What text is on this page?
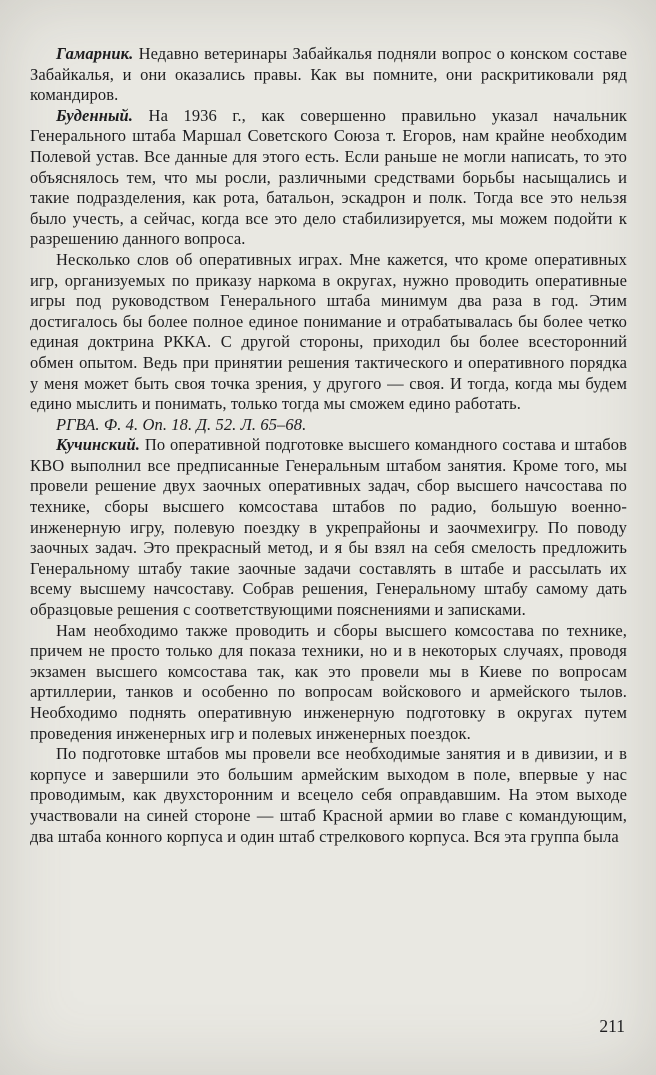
Гамарник. Недавно ветеринары Забайкалья подняли вопрос о конском составе Забайкалья, и они оказались правы. Как вы помните, они раскритиковали ряд командиров.

Буденный. На 1936 г., как совершенно правильно указал начальник Генерального штаба Маршал Советского Союза т. Егоров, нам крайне необходим Полевой устав. Все данные для этого есть. Если раньше не могли написать, то это объяснялось тем, что мы росли, различными средствами борьбы насыщались и такие подразделения, как рота, батальон, эскадрон и полк. Тогда все это нельзя было учесть, а сейчас, когда все это дело стабилизируется, мы можем подойти к разрешению данного вопроса.

Несколько слов об оперативных играх. Мне кажется, что кроме оперативных игр, организуемых по приказу наркома в округах, нужно проводить оперативные игры под руководством Генерального штаба минимум два раза в год. Этим достигалось бы более полное единое понимание и отрабатывалась бы более четко единая доктрина РККА. С другой стороны, приходил бы более всесторонний обмен опытом. Ведь при принятии решения тактического и оперативного порядка у меня может быть своя точка зрения, у другого — своя. И тогда, когда мы будем едино мыслить и понимать, только тогда мы сможем едино работать.

РГВА. Ф. 4. Оп. 18. Д. 52. Л. 65–68.

Кучинский. По оперативной подготовке высшего командного состава и штабов КВО выполнил все предписанные Генеральным штабом занятия. Кроме того, мы провели решение двух заочных оперативных задач, сбор высшего начсостава по технике, сборы высшего комсостава штабов по радио, большую военно-инженерную игру, полевую поездку в укрепрайоны и заочмехигру. По поводу заочных задач. Это прекрасный метод, и я бы взял на себя смелость предложить Генеральному штабу такие заочные задачи составлять в штабе и рассылать их всему высшему начсоставу. Собрав решения, Генеральному штабу самому дать образцовые решения с соответствующими пояснениями и записками.

Нам необходимо также проводить и сборы высшего комсостава по технике, причем не просто только для показа техники, но и в некоторых случаях, проводя экзамен высшего комсостава так, как это провели мы в Киеве по вопросам артиллерии, танков и особенно по вопросам войскового и армейского тылов. Необходимо поднять оперативную инженерную подготовку в округах путем проведения инженерных игр и полевых инженерных поездок.

По подготовке штабов мы провели все необходимые занятия и в дивизии, и в корпусе и завершили это большим армейским выходом в поле, впервые у нас проводимым, как двухсторонним и всецело себя оправдавшим. На этом выходе участвовали на синей стороне — штаб Красной армии во главе с командующим, два штаба конного корпуса и один штаб стрелкового корпуса. Вся эта группа была

211
